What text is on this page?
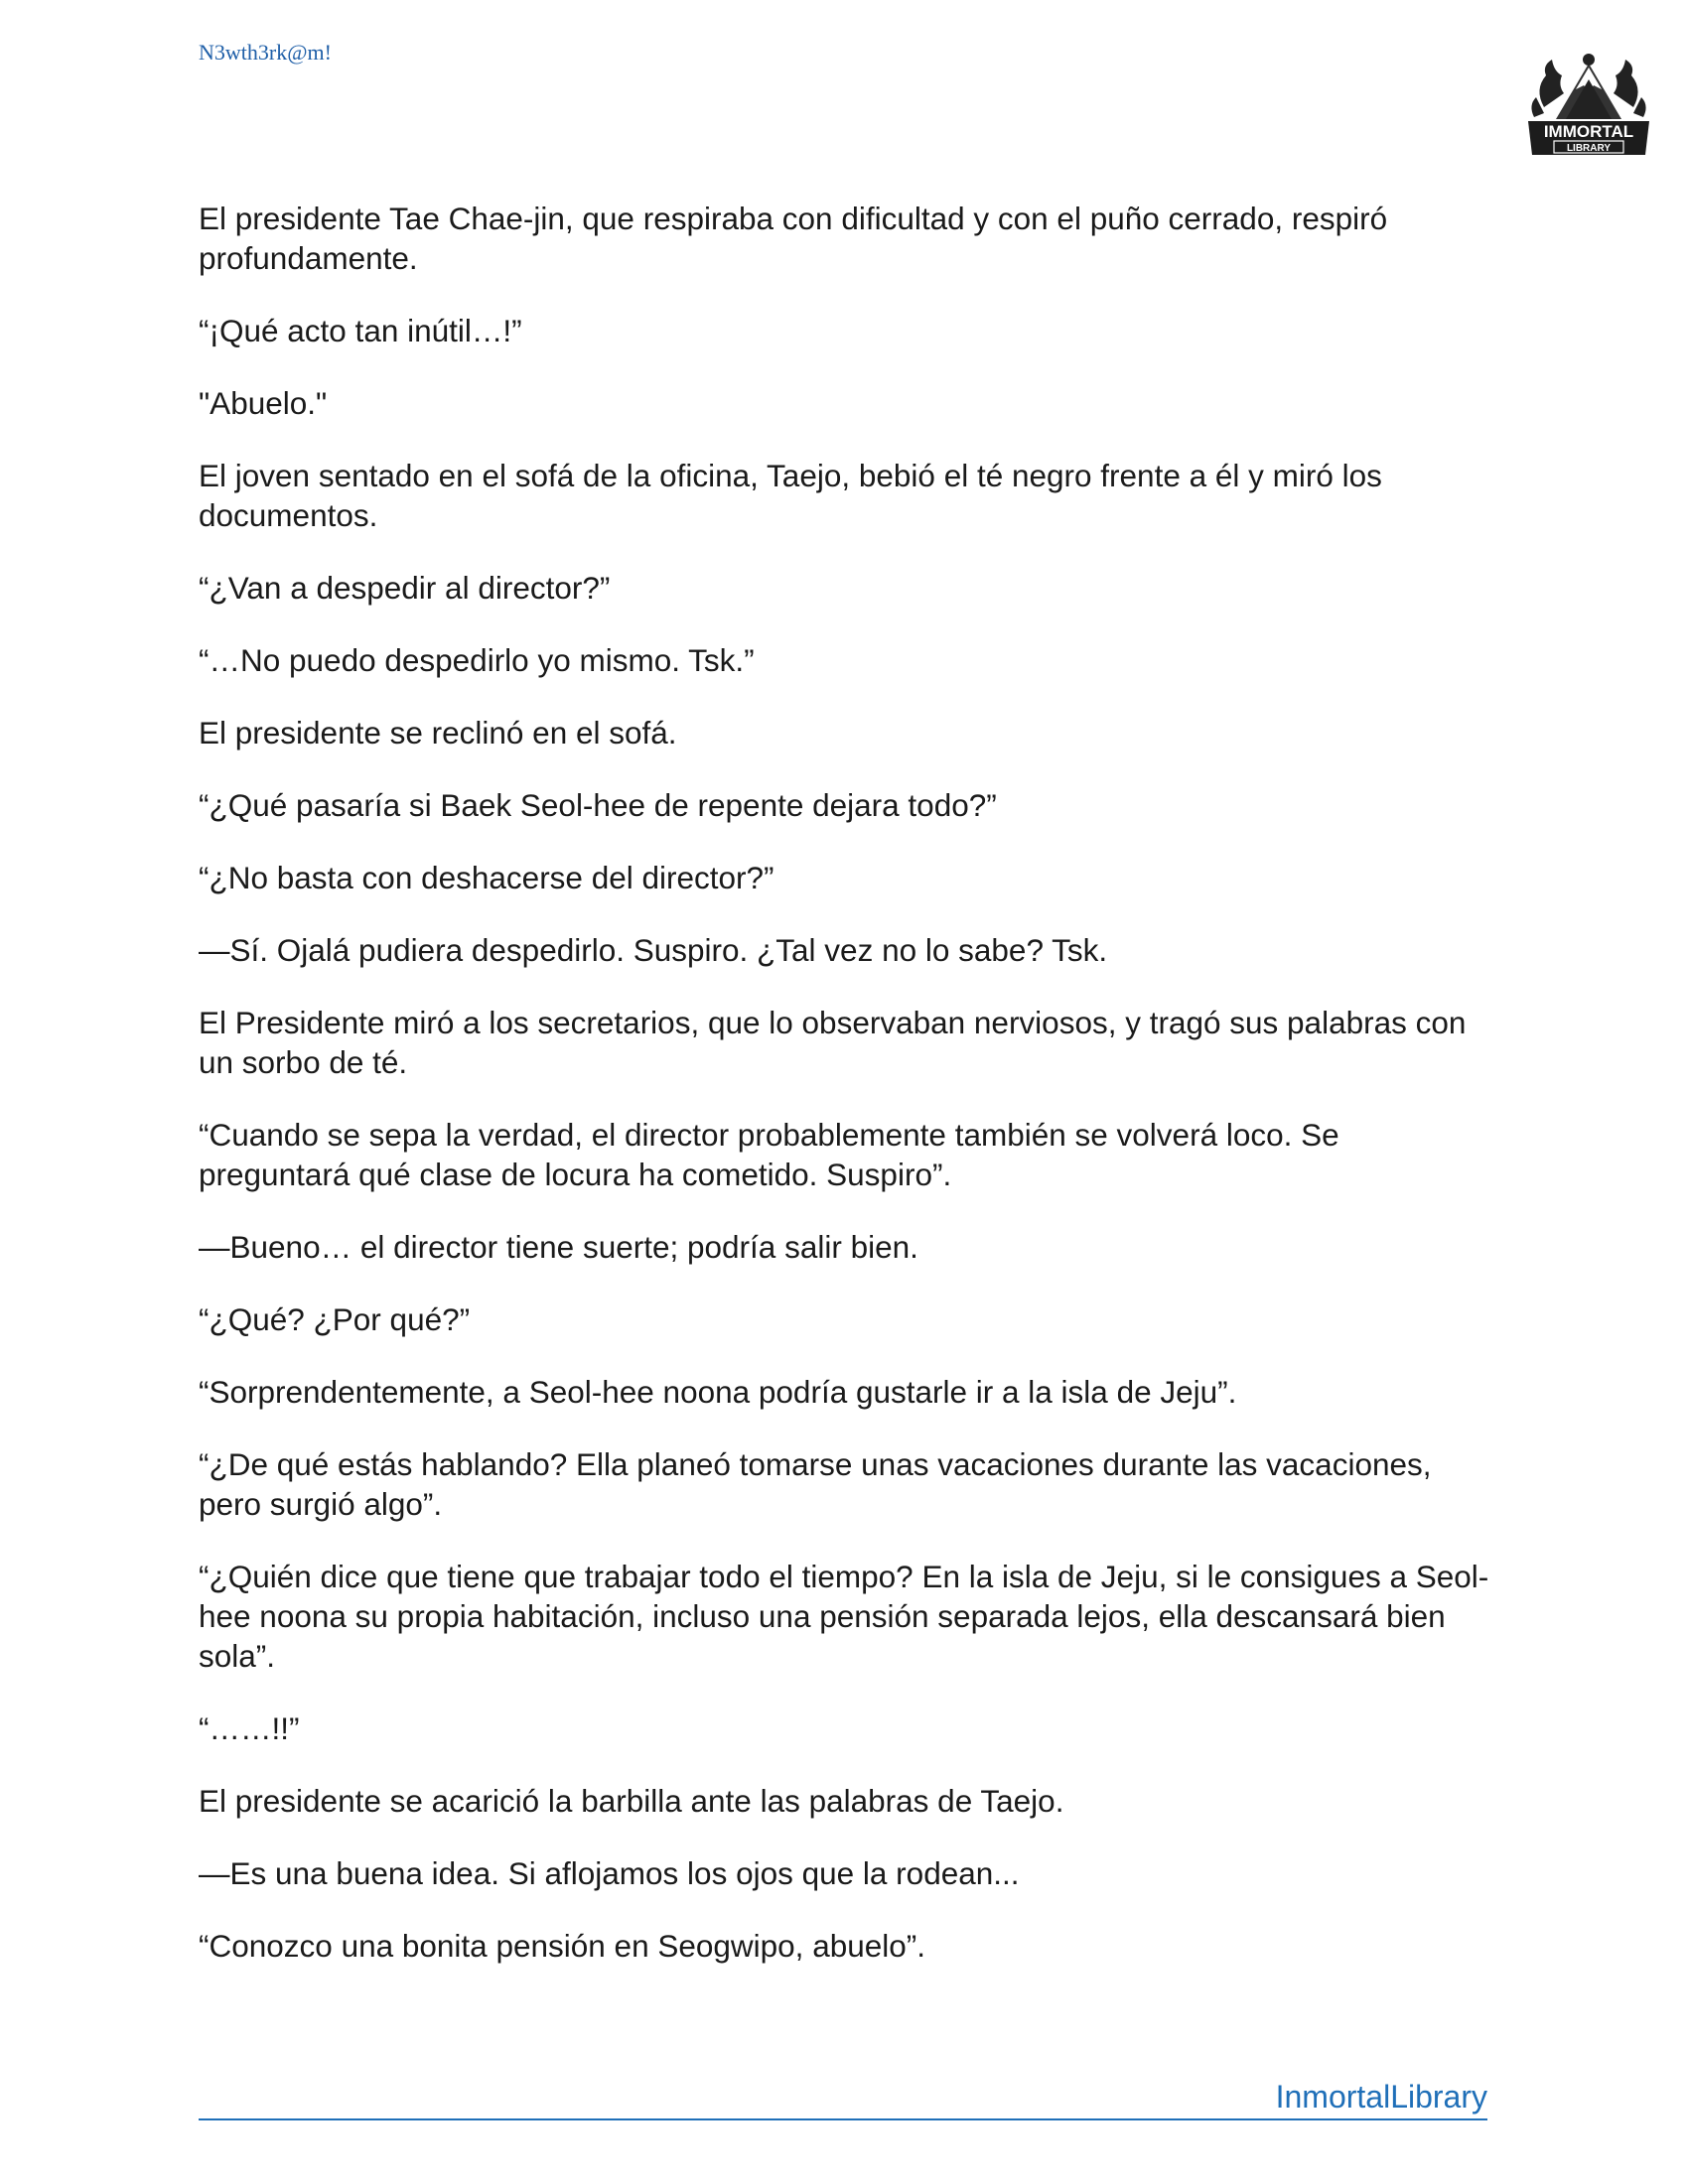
N3wth3rk@m!
IMMORTAL
LIBRARY

El presidente Tae Chae-jin, que respiraba con dificultad y con el puño cerrado, respiró profundamente.

“¡Qué acto tan inútil…!”

"Abuelo."

El joven sentado en el sofá de la oficina, Taejo, bebió el té negro frente a él y miró los documentos.

“¿Van a despedir al director?”

“…No puedo despedirlo yo mismo. Tsk.”

El presidente se reclinó en el sofá.

“¿Qué pasaría si Baek Seol-hee de repente dejara todo?”

“¿No basta con deshacerse del director?”

—Sí. Ojalá pudiera despedirlo. Suspiro. ¿Tal vez no lo sabe? Tsk.

El Presidente miró a los secretarios, que lo observaban nerviosos, y tragó sus palabras con un sorbo de té.

“Cuando se sepa la verdad, el director probablemente también se volverá loco. Se preguntará qué clase de locura ha cometido. Suspiro”.

—Bueno… el director tiene suerte; podría salir bien.

“¿Qué? ¿Por qué?”

“Sorprendentemente, a Seol-hee noona podría gustarle ir a la isla de Jeju”.

“¿De qué estás hablando? Ella planeó tomarse unas vacaciones durante las vacaciones, pero surgió algo”.

“¿Quién dice que tiene que trabajar todo el tiempo? En la isla de Jeju, si le consigues a Seol-hee noona su propia habitación, incluso una pensión separada lejos, ella descansará bien sola”.

“……!!”

El presidente se acarició la barbilla ante las palabras de Taejo.

—Es una buena idea. Si aflojamos los ojos que la rodean...

“Conozco una bonita pensión en Seogwipo, abuelo”.

InmortalLibrary
